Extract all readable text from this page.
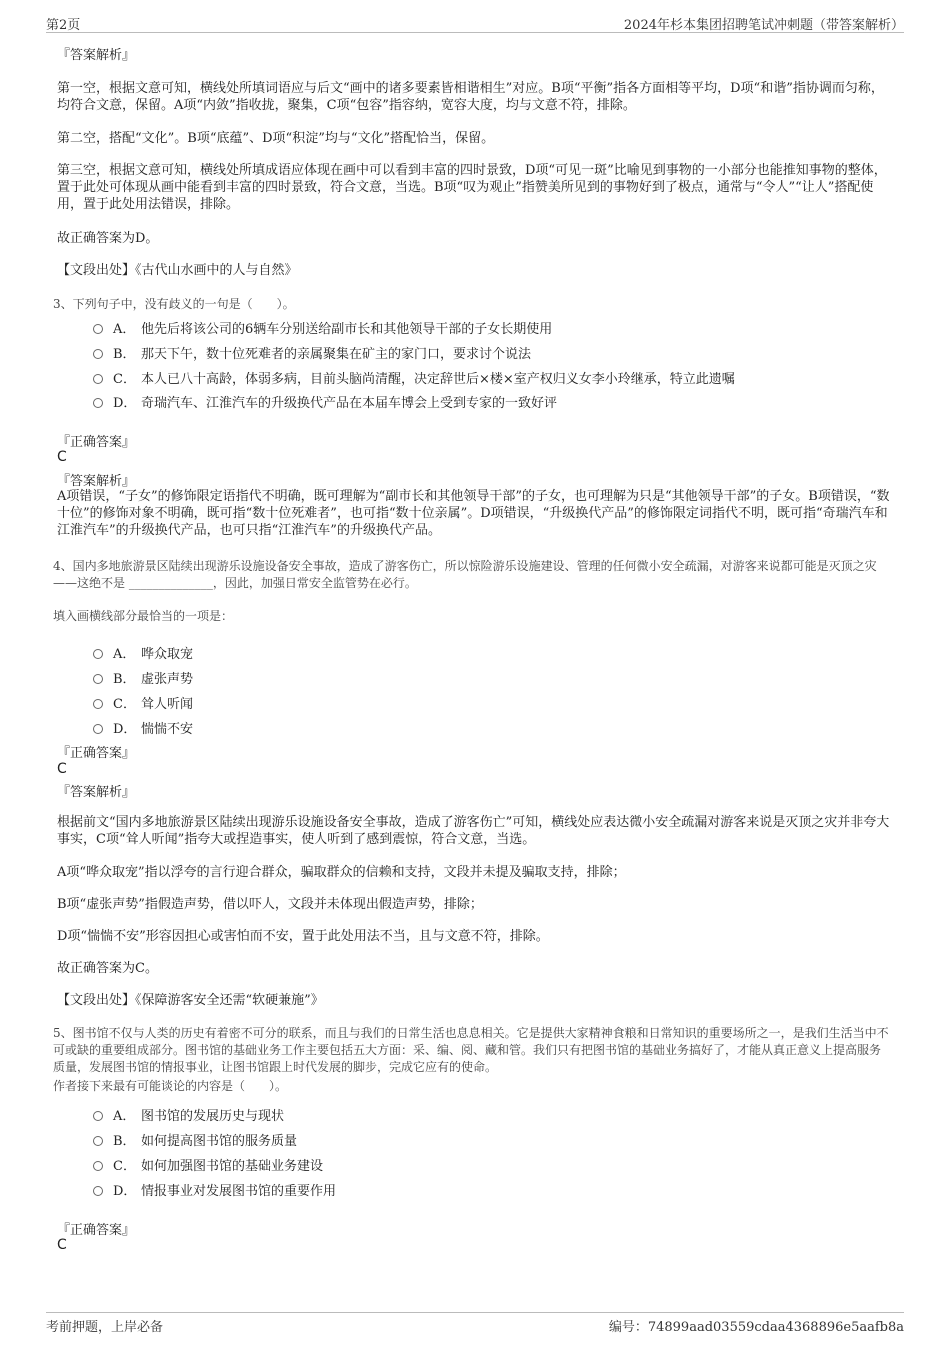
第2页	2024年杉本集团招聘笔试冲刺题（带答案解析）
『答案解析』
第一空，根据文意可知，横线处所填词语应与后文“画中的诸多要素皆相谐相生”对应。B项“平衡”指各方面相等平均，D项“和谐”指协调而匀称，均符合文意，保留。A项“内敛”指收拢，聚集，C项“包容”指容纳，宽容大度，均与文意不符，排除。
第二空，搭配“文化”。B项“底蕴”、D项“积淀”均与“文化”搭配恰当，保留。
第三空，根据文意可知，横线处所填成语应体现在画中可以看到丰富的四时景致，D项“可见一斑”比喻见到事物的一小部分也能推知事物的整体，置于此处可体现从画中能看到丰富的四时景致，符合文意，当选。B项“叹为观止”指赞美所见到的事物好到了极点，通常与“令人”“让人”搭配使用，置于此处用法错误，排除。
故正确答案为D。
【文段出处】《古代山水画中的人与自然》
3、下列句子中，没有歧义的一句是（　　）。
A． 他先后将该公司的6辆车分别送给副市长和其他领导干部的子女长期使用
B． 那天下午，数十位死难者的亲属聚集在矿主的家门口，要求讨个说法
C． 本人已八十高龄，体弱多病，目前头脑尚清醒，决定辞世后×楼×室产权归义女李小玲继承，特立此遗嘱
D． 奇瑞汽车、江淮汽车的升级换代产品在本届车博会上受到专家的一致好评
『正确答案』
C
『答案解析』
A项错误，“子女”的修饰限定语指代不明确，既可理解为“副市长和其他领导干部”的子女，也可理解为只是“其他领导干部”的子女。B项错误，“数十位”的修饰对象不明确，既可指“数十位死难者”，也可指“数十位亲属”。D项错误，“升级换代产品”的修饰限定词指代不明，既可指“奇瑞汽车和江淮汽车”的升级换代产品，也可只指“江淮汽车”的升级换代产品。
4、国内多地旅游景区陆续出现游乐设施设备安全事故，造成了游客伤亡，所以惊险游乐设施建设、管理的任何微小安全疏漏，对游客来说都可能是灭顶之灾——这绝不是 ______________，因此，加强日常安全监管势在必行。
填入画横线部分最恰当的一项是：
A． 哗众取宠
B． 虚张声势
C． 耸人听闻
D． 惴惴不安
『正确答案』
C
『答案解析』
根据前文“国内多地旅游景区陆续出现游乐设施设备安全事故，造成了游客伤亡”可知，横线处应表达微小安全疏漏对游客来说是灭顶之灾并非夸大事实，C项“耸人听闻”指夸大或捏造事实，使人听到了感到震惊，符合文意，当选。
A项“哗众取宠”指以浮夸的言行迎合群众，骗取群众的信赖和支持，文段并未提及骗取支持，排除；
B项“虚张声势”指假造声势，借以吓人，文段并未体现出假造声势，排除；
D项“惴惴不安”形容因担心或害怕而不安，置于此处用法不当，且与文意不符，排除。
故正确答案为C。
【文段出处】《保障游客安全还需“软硬兼施”》
5、图书馆不仅与人类的历史有着密不可分的联系，而且与我们的日常生活也息息相关。它是提供大家精神食粮和日常知识的重要场所之一，是我们生活当中不可或缺的重要组成部分。图书馆的基础业务工作主要包括五大方面：采、编、阅、藏和管。我们只有把图书馆的基础业务搞好了，才能从真正意义上提高服务质量，发展图书馆的情报事业，让图书馆跟上时代发展的脚步，完成它应有的使命。
作者接下来最有可能谈论的内容是（　　）。
A． 图书馆的发展历史与现状
B． 如何提高图书馆的服务质量
C． 如何加强图书馆的基础业务建设
D． 情报事业对发展图书馆的重要作用
『正确答案』
C
考前押题，上岸必备	编号：74899aad03559cdaa4368896e5aafb8a
